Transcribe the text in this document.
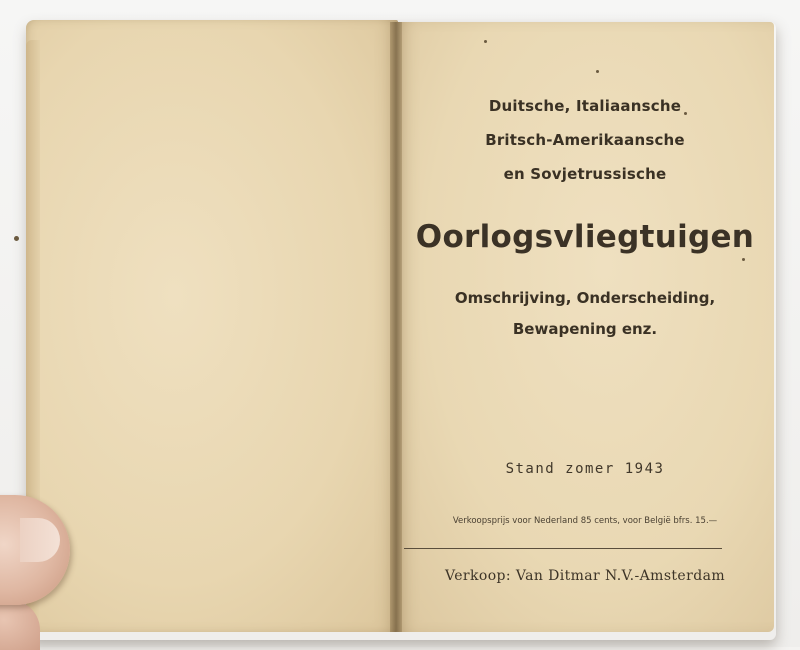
Duitsche, Italiaansche
Britsch-Amerikaansche
en Sovjetrussische
Oorlogsvliegtuigen
Omschrijving, Onderscheiding,
Bewapening enz.
Stand zomer 1943
Verkoopsprijs voor Nederland 85 cents, voor België bfrs. 15.—
Verkoop: Van Ditmar N.V.-Amsterdam
